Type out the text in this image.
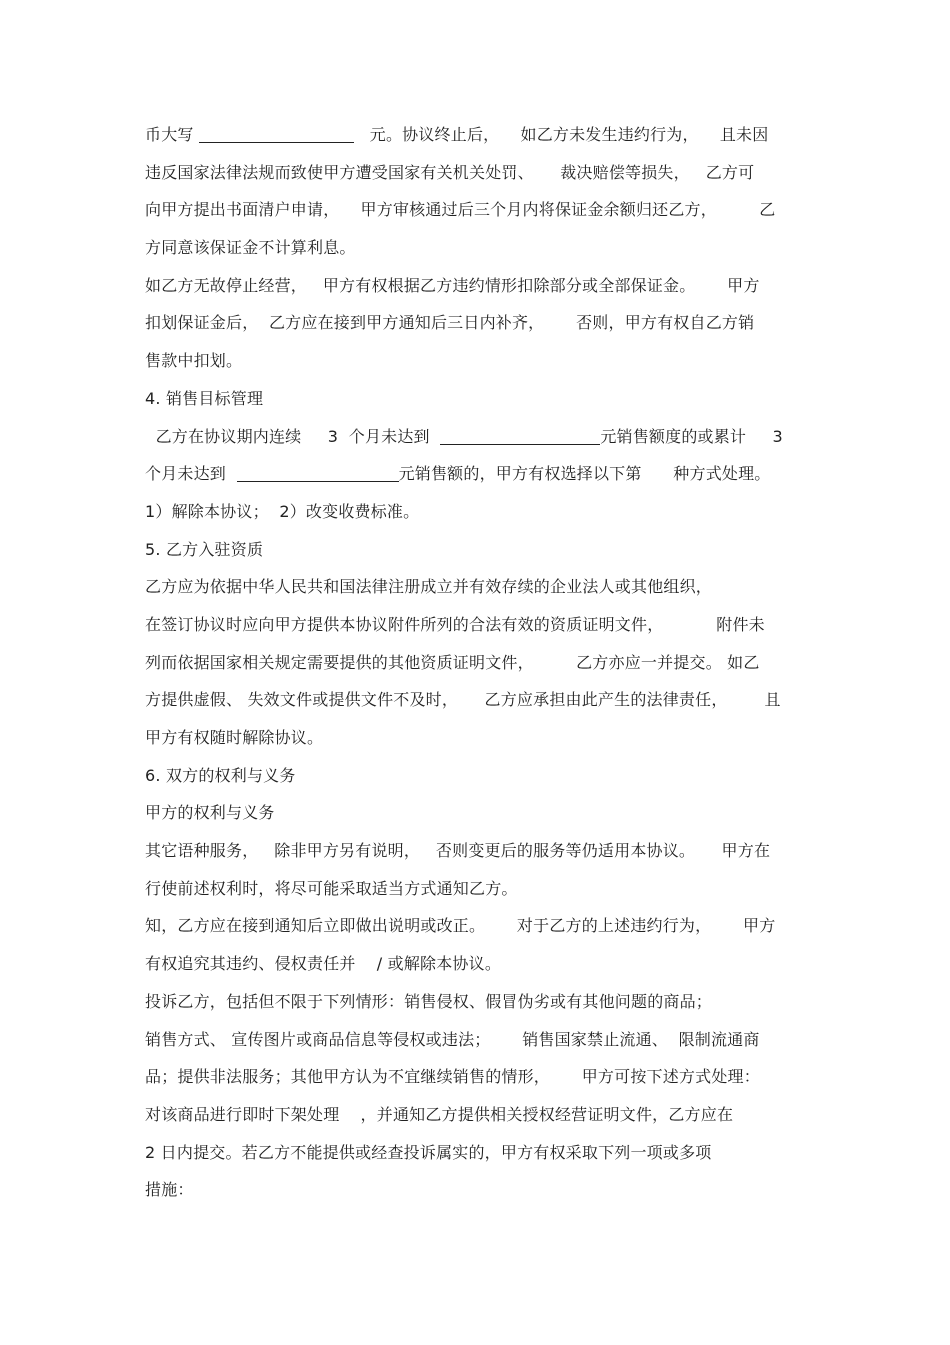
币大写	元。协议终止后，    如乙方未发生违约行为，    且未因
违反国家法律法规而致使甲方遭受国家有关机关处罚、     裁决赔偿等损失，   乙方可
向甲方提出书面清户申请，    甲方审核通过后三个月内将保证金余额归还乙方，        乙
方同意该保证金不计算利息。
如乙方无故停止经营，   甲方有权根据乙方违约情形扣除部分或全部保证金。      甲方
扣划保证金后，  乙方应在接到甲方通知后三日内补齐，      否则，甲方有权自乙方销
售款中扣划。
4. 销售目标管理
乙方在协议期内连续     3  个月未达到	元销售额度的或累计     3
个月未达到	元销售额的，甲方有权选择以下第      种方式处理。
1）解除本协议；  2）改变收费标准。
5. 乙方入驻资质
乙方应为依据中华人民共和国法律注册成立并有效存续的企业法人或其他组织，
在签订协议时应向甲方提供本协议附件所列的合法有效的资质证明文件，          附件未
列而依据国家相关规定需要提供的其他资质证明文件，        乙方亦应一并提交。 如乙
方提供虚假、 失效文件或提供文件不及时，     乙方应承担由此产生的法律责任，       且
甲方有权随时解除协议。
6. 双方的权利与义务
甲方的权利与义务
其它语种服务，   除非甲方另有说明，   否则变更后的服务等仍适用本协议。     甲方在
行使前述权利时，将尽可能采取适当方式通知乙方。
知，乙方应在接到通知后立即做出说明或改正。      对于乙方的上述违约行为，      甲方
有权追究其违约、侵权责任并    / 或解除本协议。
投诉乙方，包括但不限于下列情形：销售侵权、假冒伪劣或有其他问题的商品；
销售方式、 宣传图片或商品信息等侵权或违法；      销售国家禁止流通、  限制流通商
品；提供非法服务；其他甲方认为不宜继续销售的情形，      甲方可按下述方式处理：
对该商品进行即时下架处理    ，并通知乙方提供相关授权经营证明文件，乙方应在
2 日内提交。若乙方不能提供或经查投诉属实的，甲方有权采取下列一项或多项
措施：
